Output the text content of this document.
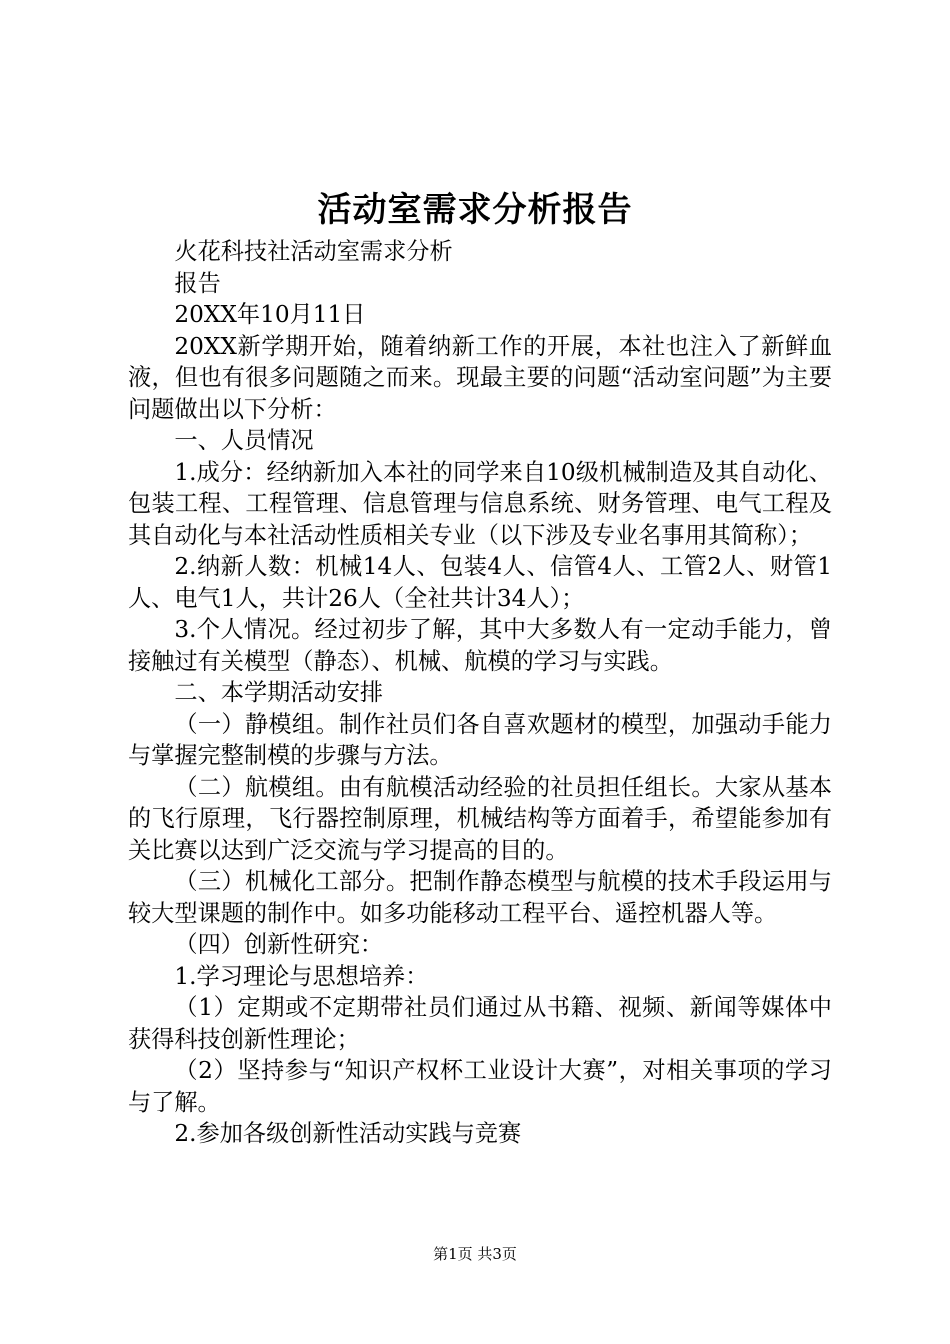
活动室需求分析报告

火花科技社活动室需求分析

报告

20XX年10月11日

20XX新学期开始，随着纳新工作的开展，本社也注入了新鲜血液，但也有很多问题随之而来。现最主要的问题“活动室问题”为主要问题做出以下分析：

一、人员情况

1.成分：经纳新加入本社的同学来自10级机械制造及其自动化、包装工程、工程管理、信息管理与信息系统、财务管理、电气工程及其自动化与本社活动性质相关专业（以下涉及专业名事用其简称）；

2.纳新人数：机械14人、包装4人、信管4人、工管2人、财管1人、电气1人，共计26人（全社共计34人）；

3.个人情况。经过初步了解，其中大多数人有一定动手能力，曾接触过有关模型（静态）、机械、航模的学习与实践。

二、本学期活动安排

（一）静模组。制作社员们各自喜欢题材的模型，加强动手能力与掌握完整制模的步骤与方法。

（二）航模组。由有航模活动经验的社员担任组长。大家从基本的飞行原理，飞行器控制原理，机械结构等方面着手，希望能参加有关比赛以达到广泛交流与学习提高的目的。

（三）机械化工部分。把制作静态模型与航模的技术手段运用与较大型课题的制作中。如多功能移动工程平台、遥控机器人等。

（四）创新性研究：

1.学习理论与思想培养：

（1）定期或不定期带社员们通过从书籍、视频、新闻等媒体中获得科技创新性理论；

（2）坚持参与“知识产权杯工业设计大赛”，对相关事项的学习与了解。

2.参加各级创新性活动实践与竞赛

第1页 共3页
